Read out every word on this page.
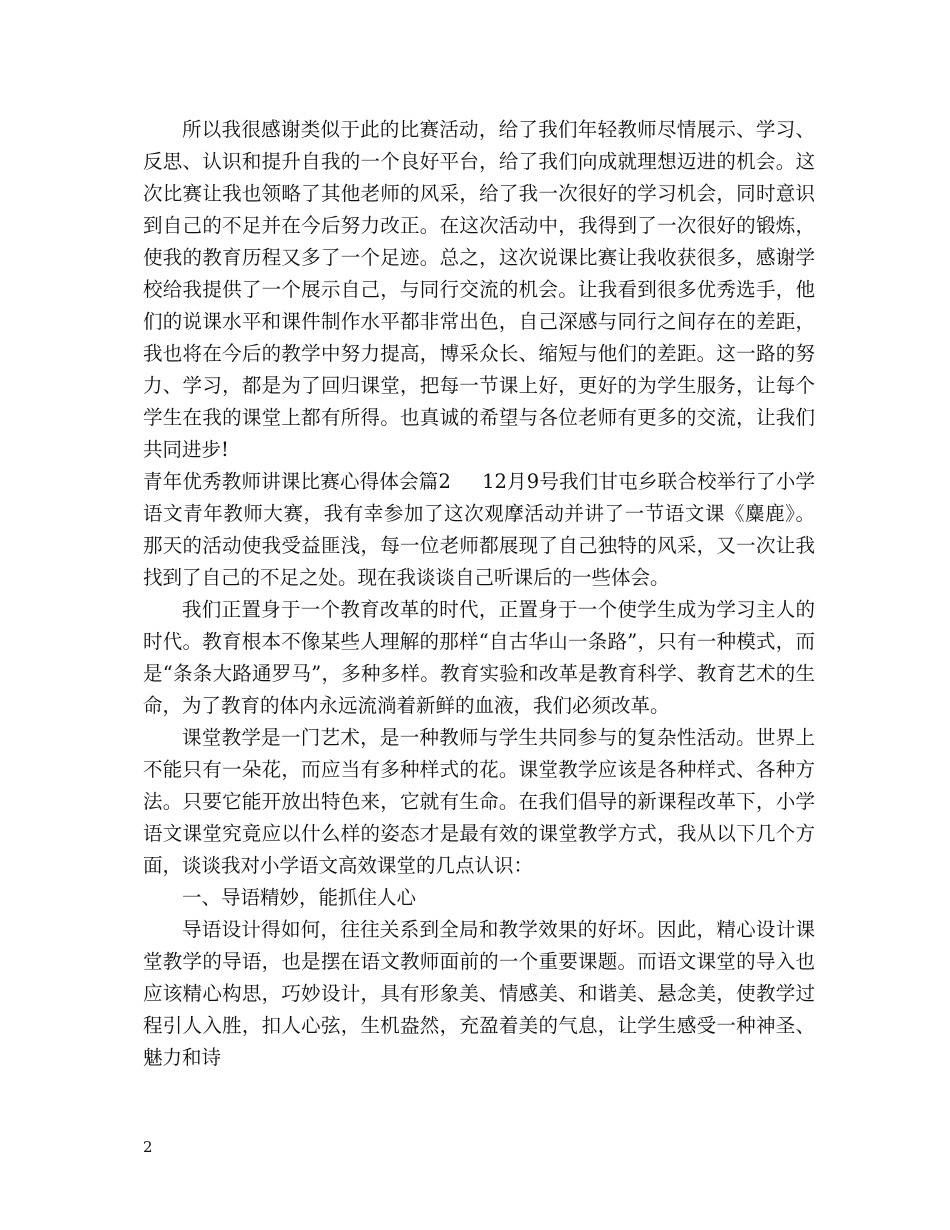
所以我很感谢类似于此的比赛活动，给了我们年轻教师尽情展示、学习、反思、认识和提升自我的一个良好平台，给了我们向成就理想迈进的机会。这次比赛让我也领略了其他老师的风采，给了我一次很好的学习机会，同时意识到自己的不足并在今后努力改正。在这次活动中，我得到了一次很好的锻炼，使我的教育历程又多了一个足迹。总之，这次说课比赛让我收获很多，感谢学校给我提供了一个展示自己，与同行交流的机会。让我看到很多优秀选手，他们的说课水平和课件制作水平都非常出色，自己深感与同行之间存在的差距，我也将在今后的教学中努力提高，博采众长、缩短与他们的差距。这一路的努力、学习，都是为了回归课堂，把每一节课上好，更好的为学生服务，让每个学生在我的课堂上都有所得。也真诚的希望与各位老师有更多的交流，让我们共同进步!

青年优秀教师讲课比赛心得体会篇2 12月9号我们甘屯乡联合校举行了小学语文青年教师大赛，我有幸参加了这次观摩活动并讲了一节语文课《麋鹿》。那天的活动使我受益匪浅，每一位老师都展现了自己独特的风采，又一次让我找到了自己的不足之处。现在我谈谈自己听课后的一些体会。

我们正置身于一个教育改革的时代，正置身于一个使学生成为学习主人的时代。教育根本不像某些人理解的那样“自古华山一条路”，只有一种模式，而是“条条大路通罗马”，多种多样。教育实验和改革是教育科学、教育艺术的生命，为了教育的体内永远流淌着新鲜的血液，我们必须改革。

课堂教学是一门艺术，是一种教师与学生共同参与的复杂性活动。世界上不能只有一朵花，而应当有多种样式的花。课堂教学应该是各种样式、各种方法。只要它能开放出特色来，它就有生命。在我们倡导的新课程改革下，小学语文课堂究竟应以什么样的姿态才是最有效的课堂教学方式，我从以下几个方面，谈谈我对小学语文高效课堂的几点认识：

一、导语精妙，能抓住人心

导语设计得如何，往往关系到全局和教学效果的好坏。因此，精心设计课堂教学的导语，也是摆在语文教师面前的一个重要课题。而语文课堂的导入也应该精心构思，巧妙设计，具有形象美、情感美、和谐美、悬念美，使教学过程引人入胜，扣人心弦，生机盎然，充盈着美的气息，让学生感受一种神圣、魅力和诗

2
